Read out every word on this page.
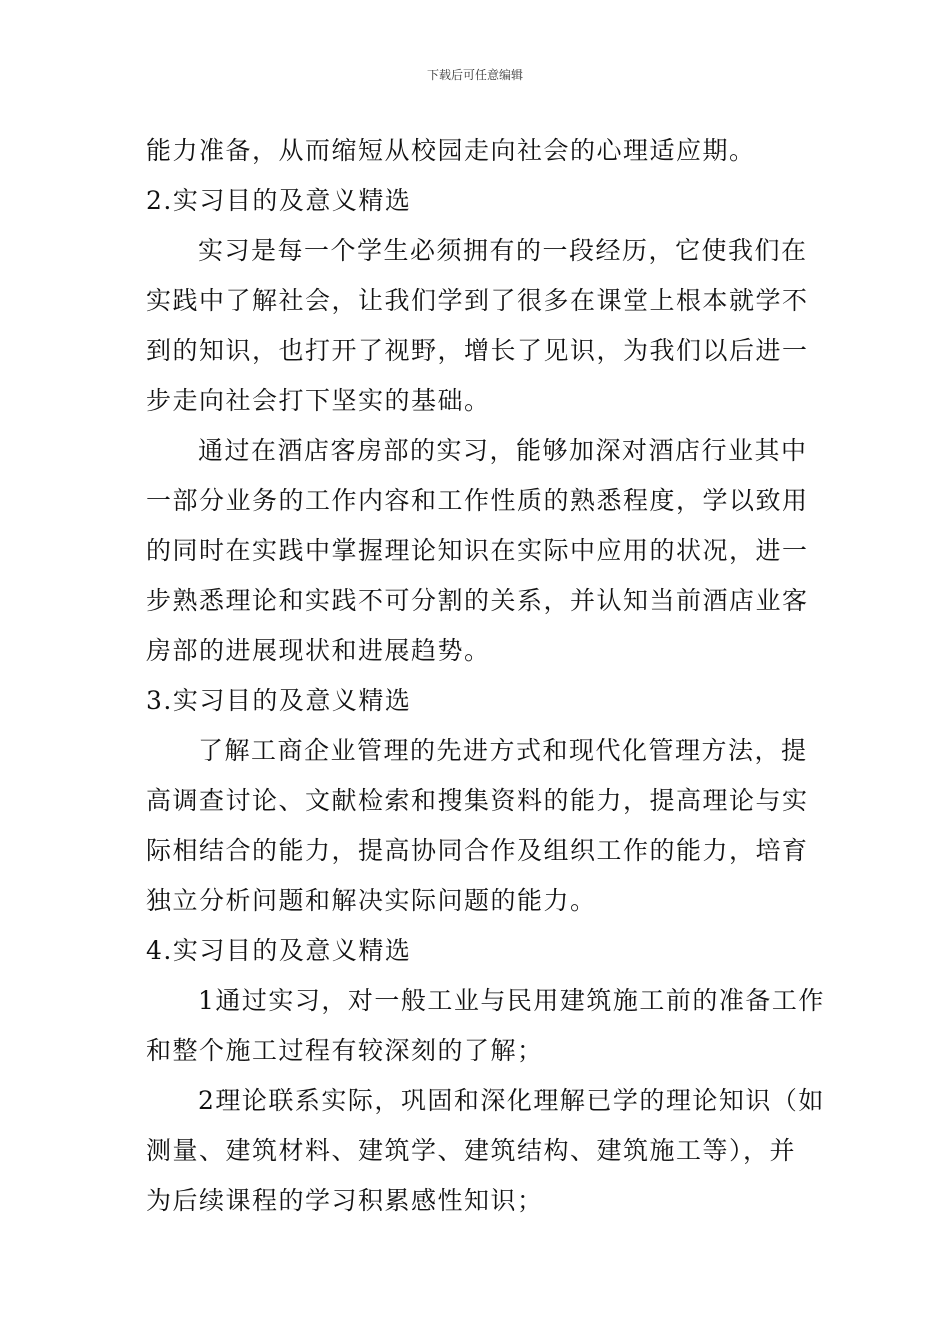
下载后可任意编辑
能力准备，从而缩短从校园走向社会的心理适应期。
2.实习目的及意义精选
实习是每一个学生必须拥有的一段经历，它使我们在
实践中了解社会，让我们学到了很多在课堂上根本就学不
到的知识，也打开了视野，增长了见识，为我们以后进一
步走向社会打下坚实的基础。
通过在酒店客房部的实习，能够加深对酒店行业其中
一部分业务的工作内容和工作性质的熟悉程度，学以致用
的同时在实践中掌握理论知识在实际中应用的状况，进一
步熟悉理论和实践不可分割的关系，并认知当前酒店业客
房部的进展现状和进展趋势。
3.实习目的及意义精选
了解工商企业管理的先进方式和现代化管理方法，提
高调查讨论、文献检索和搜集资料的能力，提高理论与实
际相结合的能力，提高协同合作及组织工作的能力，培育
独立分析问题和解决实际问题的能力。
4.实习目的及意义精选
1通过实习，对一般工业与民用建筑施工前的准备工作
和整个施工过程有较深刻的了解；
2理论联系实际，巩固和深化理解已学的理论知识（如
测量、建筑材料、建筑学、建筑结构、建筑施工等），并
为后续课程的学习积累感性知识；
